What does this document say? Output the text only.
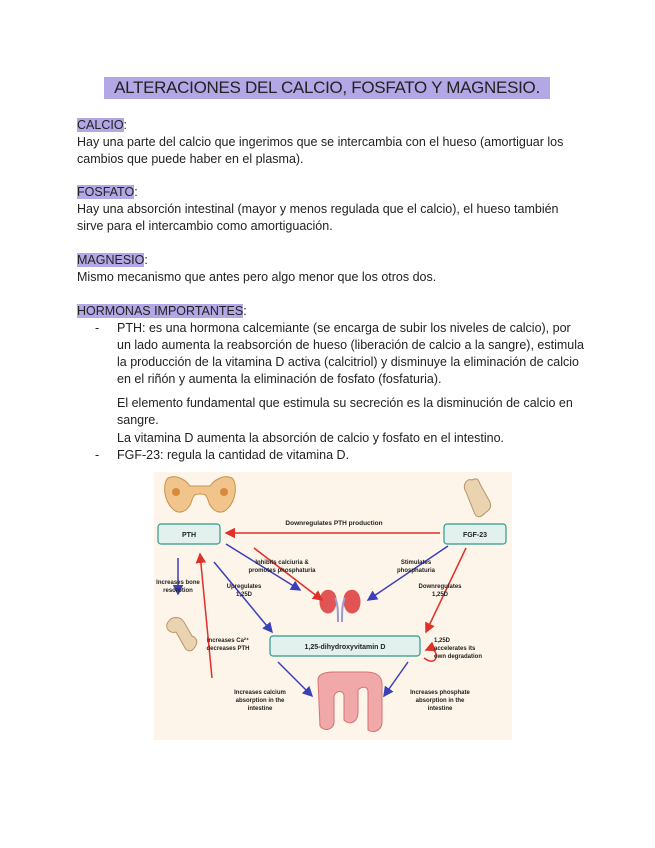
ALTERACIONES DEL CALCIO, FOSFATO Y MAGNESIO.
CALCIO:
Hay una parte del calcio que ingerimos que se intercambia con el hueso (amortiguar los cambios que puede haber en el plasma).
FOSFATO:
Hay una absorción intestinal (mayor y menos regulada que el calcio), el hueso también sirve para el intercambio como amortiguación.
MAGNESIO:
Mismo mecanismo que antes pero algo menor que los otros dos.
HORMONAS IMPORTANTES:
- PTH: es una hormona calcemiante (se encarga de subir los niveles de calcio), por un lado aumenta la reabsorción de hueso (liberación de calcio a la sangre), estimula la producción de la vitamina D activa (calcitriol) y disminuye la eliminación de calcio en el riñón y aumenta la eliminación de fosfato (fosfaturia).
El elemento fundamental que estimula su secreción es la disminución de calcio en sangre.
La vitamina D aumenta la absorción de calcio y fosfato en el intestino.
- FGF-23: regula la cantidad de vitamina D.
PTH	FGF-23
1,25-dihydroxyvitamin D
Downregulates PTH production
Inhibits calciuria &
promotes phosphaturia
Stimulates
phosphaturia
Upregulates
1,25D
Downregulates
1,25D
Increases bone
resorption
Increases Ca²⁺
decreases PTH
1,25D
accelerates its
own degradation
Increases calcium
absorption in the
intestine
Increases phosphate
absorption in the
intestine
